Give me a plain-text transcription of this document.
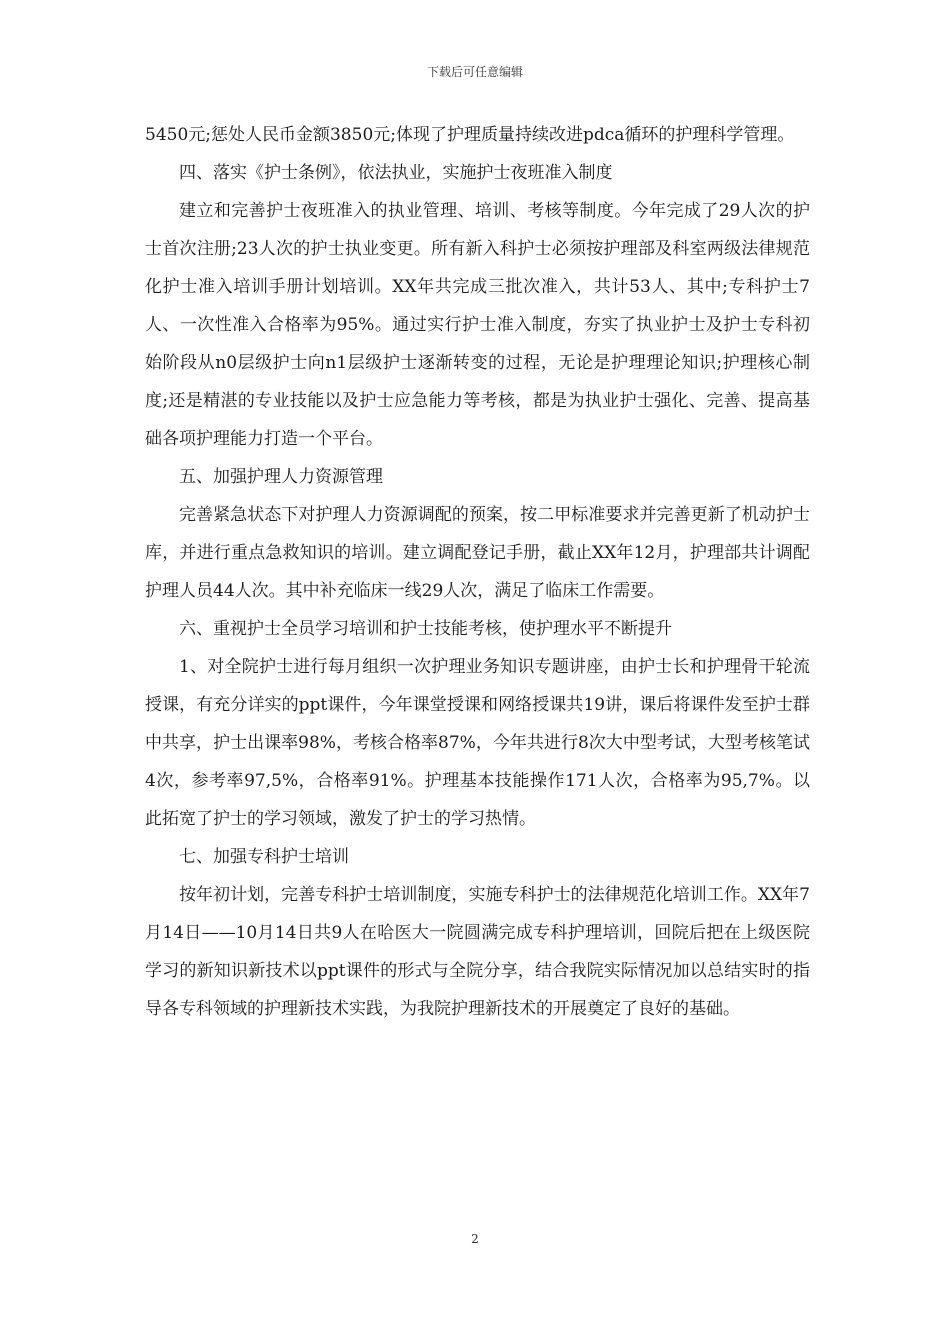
下载后可任意编辑

5450元;惩处人民币金额3850元;体现了护理质量持续改进pdca循环的护理科学管理。

四、落实《护士条例》，依法执业，实施护士夜班准入制度

建立和完善护士夜班准入的执业管理、培训、考核等制度。今年完成了29人次的护士首次注册;23人次的护士执业变更。所有新入科护士必须按护理部及科室两级法律规范化护士准入培训手册计划培训。XX年共完成三批次准入，共计53人、其中;专科护士7人、一次性准入合格率为95%。通过实行护士准入制度，夯实了执业护士及护士专科初始阶段从n0层级护士向n1层级护士逐渐转变的过程，无论是护理理论知识;护理核心制度;还是精湛的专业技能以及护士应急能力等考核，都是为执业护士强化、完善、提高基础各项护理能力打造一个平台。

五、加强护理人力资源管理

完善紧急状态下对护理人力资源调配的预案，按二甲标准要求并完善更新了机动护士库，并进行重点急救知识的培训。建立调配登记手册，截止XX年12月，护理部共计调配护理人员44人次。其中补充临床一线29人次，满足了临床工作需要。

六、重视护士全员学习培训和护士技能考核，使护理水平不断提升

1、对全院护士进行每月组织一次护理业务知识专题讲座，由护士长和护理骨干轮流授课，有充分详实的ppt课件，今年课堂授课和网络授课共19讲，课后将课件发至护士群中共享，护士出课率98%，考核合格率87%，今年共进行8次大中型考试，大型考核笔试4次，参考率97,5%，合格率91%。护理基本技能操作171人次，合格率为95,7%。以此拓宽了护士的学习领域，激发了护士的学习热情。

七、加强专科护士培训

按年初计划，完善专科护士培训制度，实施专科护士的法律规范化培训工作。XX年7月14日——10月14日共9人在哈医大一院圆满完成专科护理培训，回院后把在上级医院学习的新知识新技术以ppt课件的形式与全院分享，结合我院实际情况加以总结实时的指导各专科领域的护理新技术实践，为我院护理新技术的开展奠定了良好的基础。

2
